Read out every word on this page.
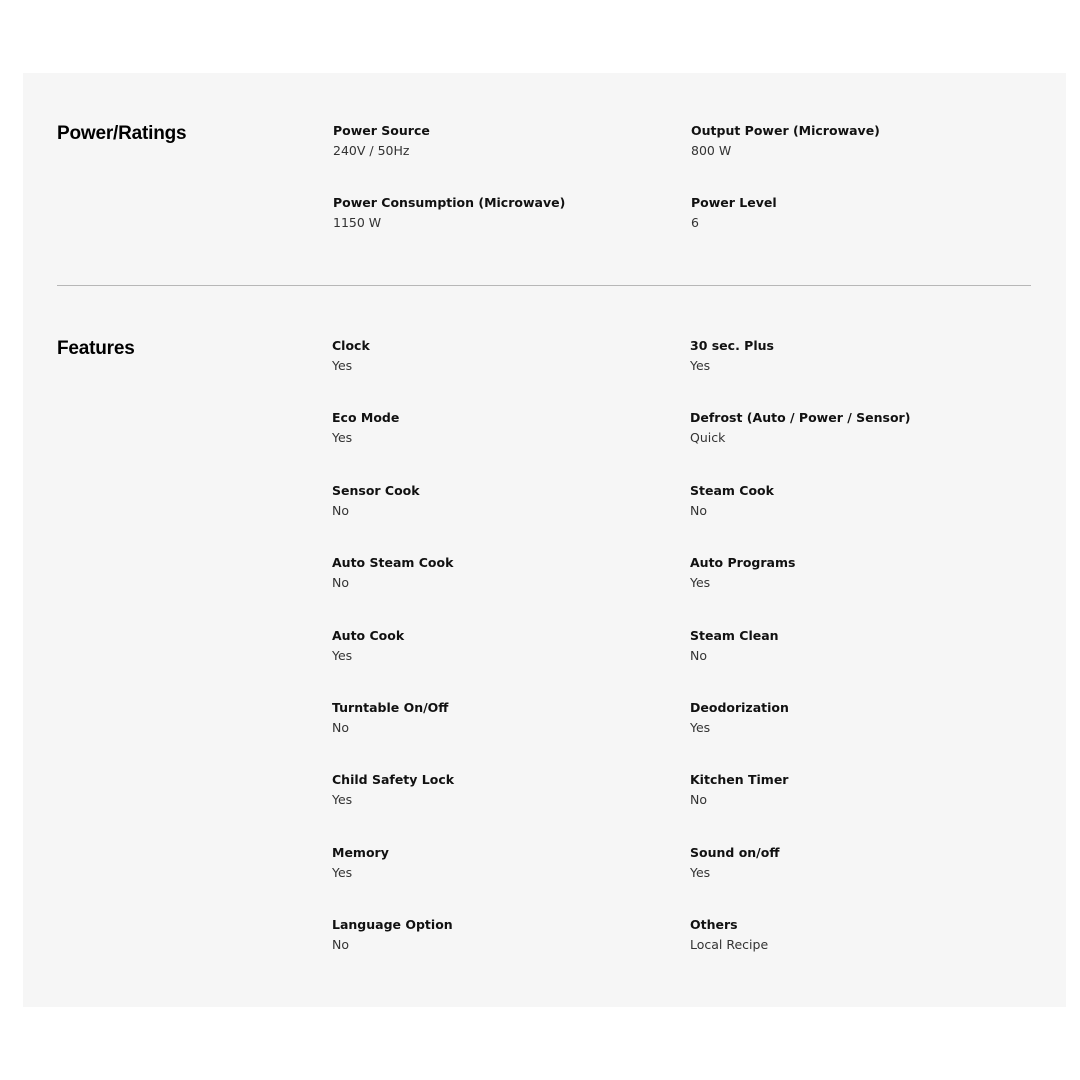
Power/Ratings	Power Source
240V / 50Hz
Output Power (Microwave)
800 W
Power Consumption (Microwave)
1150 W
Power Level
6
Features	Clock
Yes
30 sec. Plus
Yes
Eco Mode
Yes
Defrost (Auto / Power / Sensor)
Quick
Sensor Cook
No
Steam Cook
No
Auto Steam Cook
No
Auto Programs
Yes
Auto Cook
Yes
Steam Clean
No
Turntable On/Off
No
Deodorization
Yes
Child Safety Lock
Yes
Kitchen Timer
No
Memory
Yes
Sound on/off
Yes
Language Option
No
Others
Local Recipe
